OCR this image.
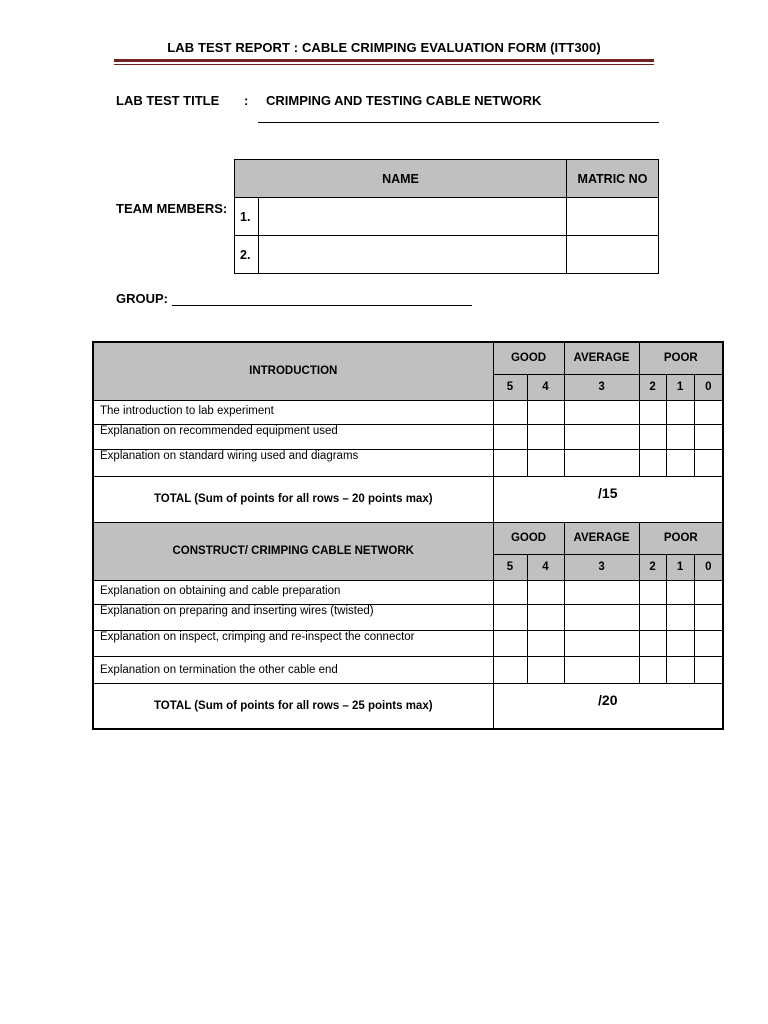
LAB TEST REPORT : CABLE CRIMPING EVALUATION FORM (ITT300)
LAB TEST TITLE : CRIMPING AND TESTING CABLE NETWORK
TEAM MEMBERS:
NAME		MATRIC NO
1.		
2.		
GROUP:
INTRODUCTION	GOOD		AVERAGE	POOR		
	5	4	3	2	1	0
The introduction to lab experiment						
Explanation on recommended equipment used						
Explanation on standard wiring used and diagrams						
TOTAL (Sum of points for all rows – 20 points max)	/15					
CONSTRUCT/ CRIMPING CABLE NETWORK	GOOD		AVERAGE	POOR		
	5	4	3	2	1	0
Explanation on obtaining and cable preparation						
Explanation on preparing and inserting wires (twisted)						
Explanation on inspect, crimping and re-inspect the connector						
Explanation on termination the other cable end						
TOTAL (Sum of points for all rows – 25 points max)	/20					
